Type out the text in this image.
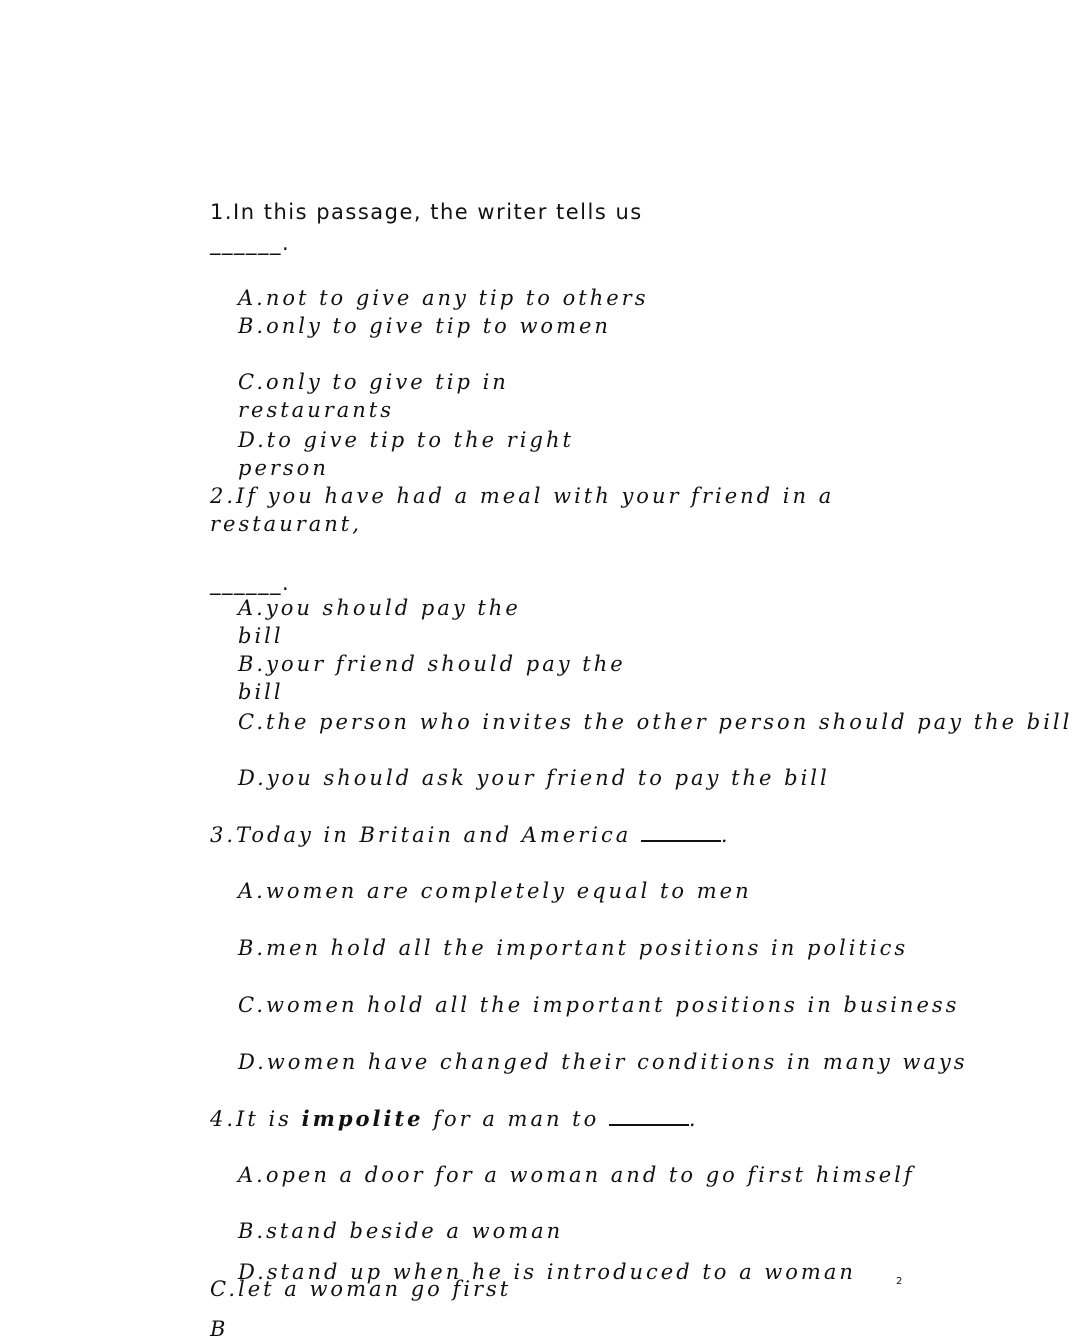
1.In this passage, the writer tells us
______.
A.not to give any tip to others
B.only to give tip to women
C.only to give tip in
restaurants
D.to give tip to the right
person
2.If you have had a meal with your friend in a
restaurant,
______.
A.you should pay the
bill
B.your friend should pay the
bill
C.the person who invites the other person should pay the bill
D.you should ask your friend to pay the bill
3.Today in Britain and America	.
A.women are completely equal to men
B.men hold all the important positions in politics
C.women hold all the important positions in business
D.women have changed their conditions in many ways
4.It is impolite for a man to	.
A.open a door for a woman and to go first himself
B.stand beside a woman
D.stand up when he is introduced to a woman
C.let a woman go first
B
2
